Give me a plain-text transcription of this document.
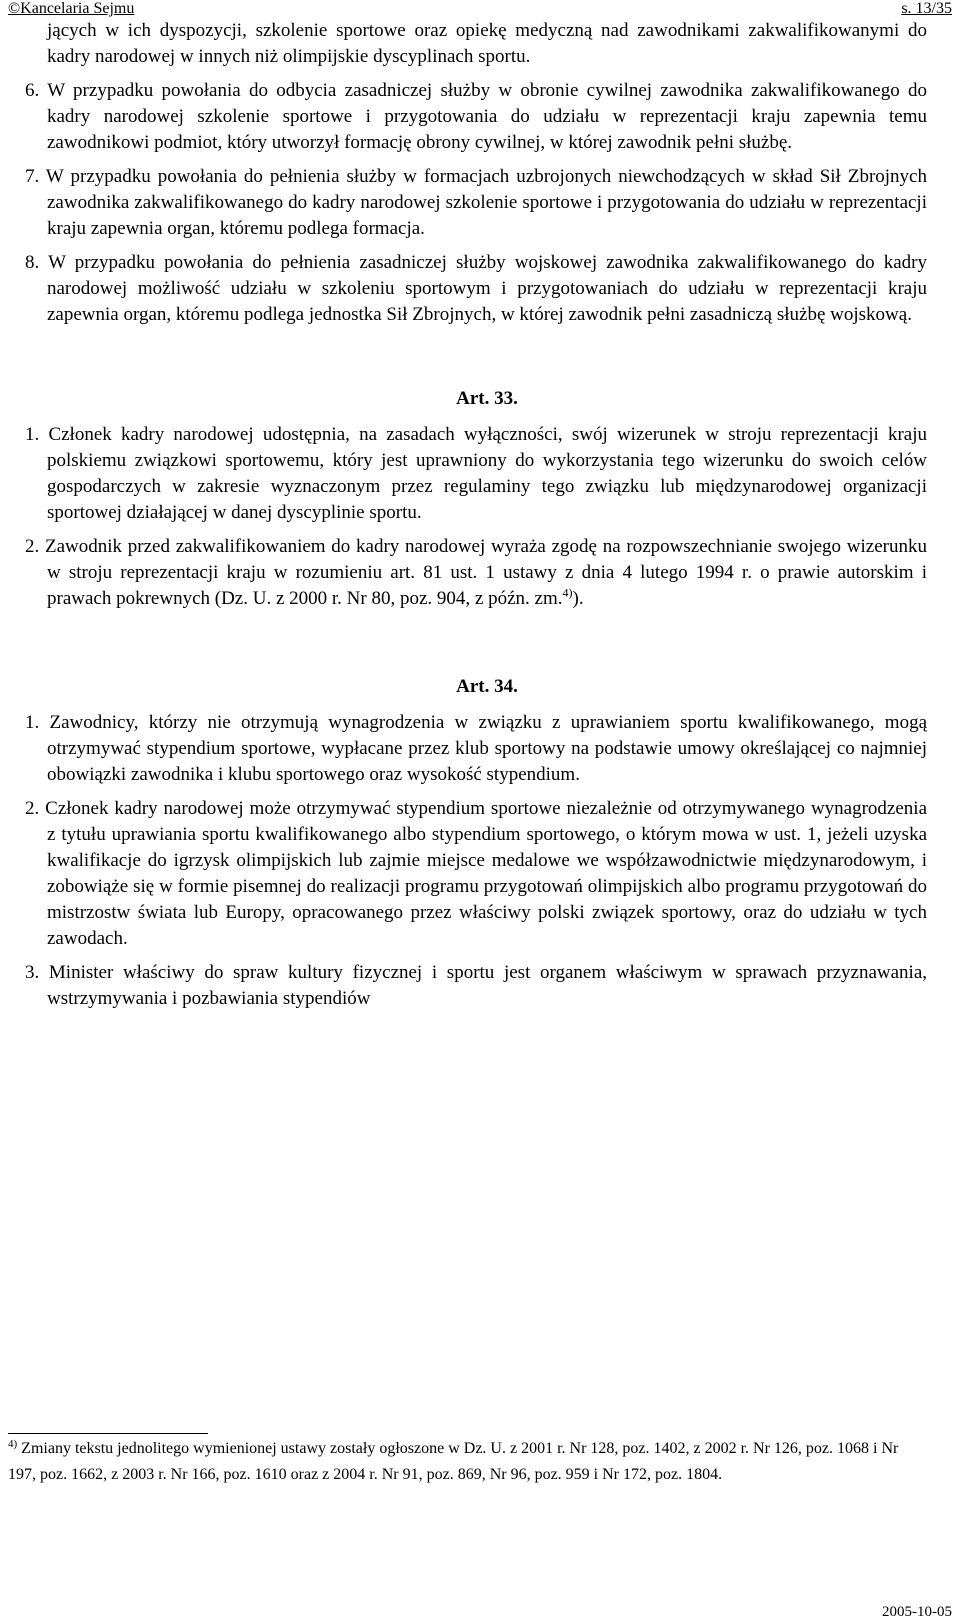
©Kancelaria Sejmu	s. 13/35

jących w ich dyspozycji, szkolenie sportowe oraz opiekę medyczną nad zawodnikami zakwalifikowanymi do kadry narodowej w innych niż olimpijskie dyscyplinach sportu.

6. W przypadku powołania do odbycia zasadniczej służby w obronie cywilnej zawodnika zakwalifikowanego do kadry narodowej szkolenie sportowe i przygotowania do udziału w reprezentacji kraju zapewnia temu zawodnikowi podmiot, który utworzył formację obrony cywilnej, w której zawodnik pełni służbę.

7. W przypadku powołania do pełnienia służby w formacjach uzbrojonych niewchodzących w skład Sił Zbrojnych zawodnika zakwalifikowanego do kadry narodowej szkolenie sportowe i przygotowania do udziału w reprezentacji kraju zapewnia organ, któremu podlega formacja.

8. W przypadku powołania do pełnienia zasadniczej służby wojskowej zawodnika zakwalifikowanego do kadry narodowej możliwość udziału w szkoleniu sportowym i przygotowaniach do udziału w reprezentacji kraju zapewnia organ, któremu podlega jednostka Sił Zbrojnych, w której zawodnik pełni zasadniczą służbę wojskową.

Art. 33.

1. Członek kadry narodowej udostępnia, na zasadach wyłączności, swój wizerunek w stroju reprezentacji kraju polskiemu związkowi sportowemu, który jest uprawniony do wykorzystania tego wizerunku do swoich celów gospodarczych w zakresie wyznaczonym przez regulaminy tego związku lub międzynarodowej organizacji sportowej działającej w danej dyscyplinie sportu.

2. Zawodnik przed zakwalifikowaniem do kadry narodowej wyraża zgodę na rozpowszechnianie swojego wizerunku w stroju reprezentacji kraju w rozumieniu art. 81 ust. 1 ustawy z dnia 4 lutego 1994 r. o prawie autorskim i prawach pokrewnych (Dz. U. z 2000 r. Nr 80, poz. 904, z późn. zm.$^{4)}$).

Art. 34.

1. Zawodnicy, którzy nie otrzymują wynagrodzenia w związku z uprawianiem sportu kwalifikowanego, mogą otrzymywać stypendium sportowe, wypłacane przez klub sportowy na podstawie umowy określającej co najmniej obowiązki zawodnika i klubu sportowego oraz wysokość stypendium.

2. Członek kadry narodowej może otrzymywać stypendium sportowe niezależnie od otrzymywanego wynagrodzenia z tytułu uprawiania sportu kwalifikowanego albo stypendium sportowego, o którym mowa w ust. 1, jeżeli uzyska kwalifikacje do igrzysk olimpijskich lub zajmie miejsce medalowe we współzawodnictwie międzynarodowym, i zobowiąże się w formie pisemnej do realizacji programu przygotowań olimpijskich albo programu przygotowań do mistrzostw świata lub Europy, opracowanego przez właściwy polski związek sportowy, oraz do udziału w tych zawodach.

3. Minister właściwy do spraw kultury fizycznej i sportu jest organem właściwym w sprawach przyznawania, wstrzymywania i pozbawiania stypendiów

$^{4)}$ Zmiany tekstu jednolitego wymienionej ustawy zostały ogłoszone w Dz. U. z 2001 r. Nr 128, poz. 1402, z 2002 r. Nr 126, poz. 1068 i Nr 197, poz. 1662, z 2003 r. Nr 166, poz. 1610 oraz z 2004 r. Nr 91, poz. 869, Nr 96, poz. 959 i Nr 172, poz. 1804.
2005-10-05
